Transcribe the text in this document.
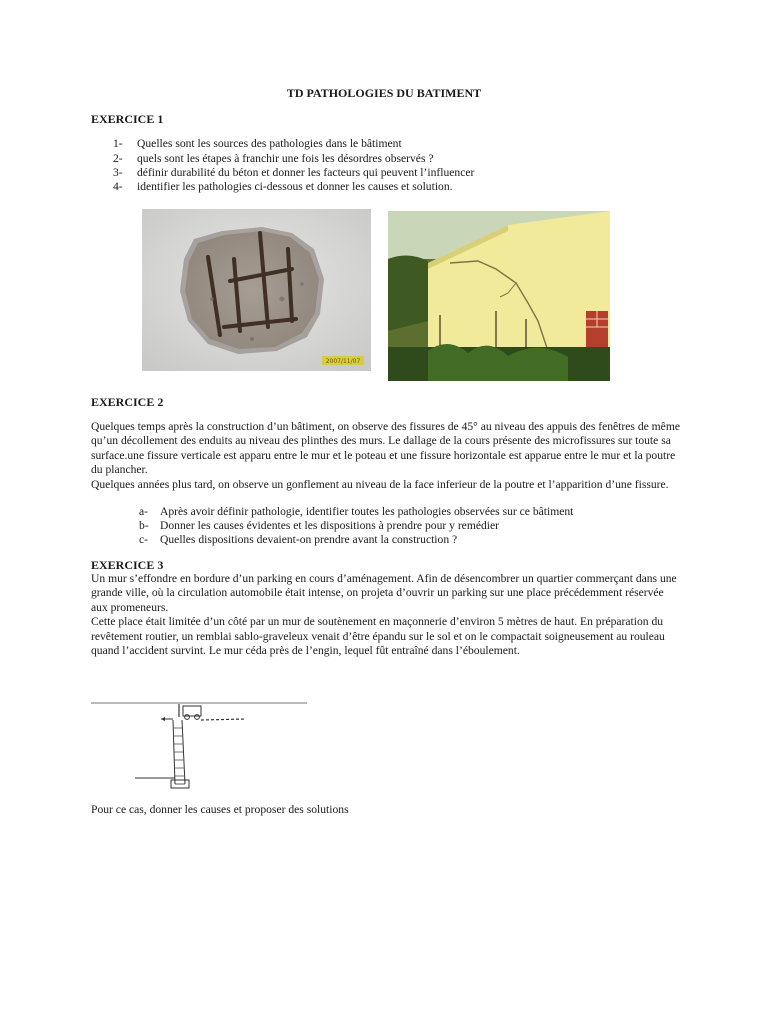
TD PATHOLOGIES DU BATIMENT
EXERCICE 1
1- Quelles sont les sources des pathologies dans le bâtiment
2- quels sont les étapes à franchir une fois les désordres observés ?
3- définir durabilité du béton et donner les facteurs qui peuvent l’influencer
4- identifier les pathologies ci-dessous et donner les causes et solution.
2007/11/07
EXERCICE 2

Quelques temps après la construction d’un bâtiment, on observe des fissures de 45° au niveau des appuis des fenêtres de même qu’un décollement des enduits au niveau des plinthes des murs. Le dallage de la cours présente des microfissures sur toute sa surface.une fissure verticale est apparu entre le mur et le poteau et une fissure horizontale est apparue entre le mur et la poutre du plancher.

Quelques années plus tard, on observe un gonflement au niveau de la face inferieur de la poutre et l’apparition d’une fissure.

a- Après avoir définir pathologie, identifier toutes les pathologies observées sur ce bâtiment
b- Donner les causes évidentes et les dispositions à prendre pour y remédier
c- Quelles dispositions devaient-on prendre avant la construction ?
EXERCICE 3

Un mur s’effondre en bordure d’un parking en cours d’aménagement. Afin de désencombrer un quartier commerçant dans une grande ville, où la circulation automobile était intense, on projeta d’ouvrir un parking sur une place précédemment réservée aux promeneurs.

Cette place était limitée d’un côté par un mur de soutènement en maçonnerie d’environ 5 mètres de haut. En préparation du revêtement routier, un remblai sablo-graveleux venait d’être épandu sur le sol et on le compactait soigneusement au rouleau quand l’accident survint. Le mur céda près de l’engin, lequel fût entraîné dans l’éboulement.

Pour ce cas, donner les causes et proposer des solutions
